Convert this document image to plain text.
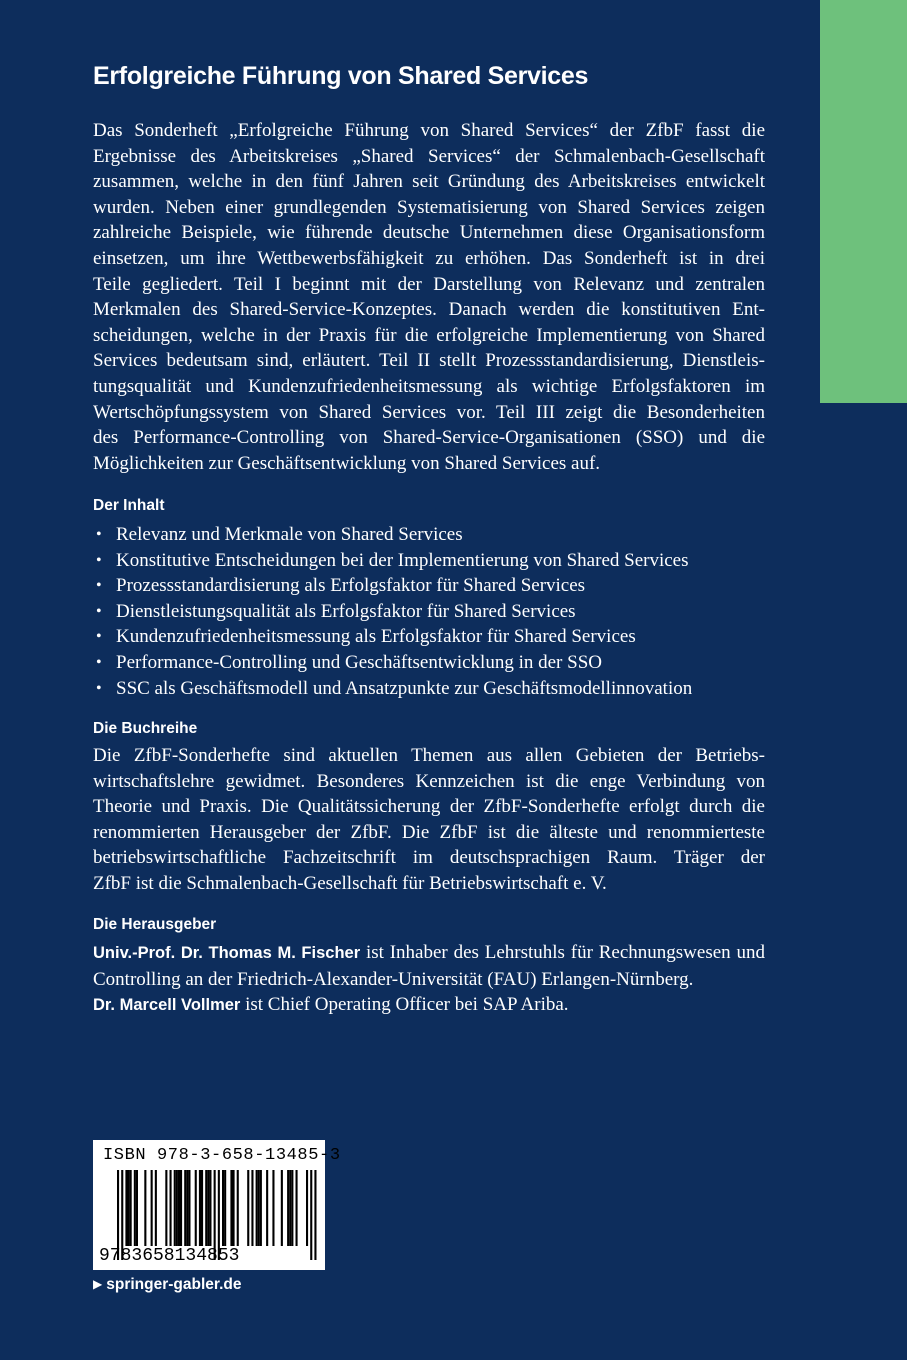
Erfolgreiche Führung von Shared Services
Das Sonderheft „Erfolgreiche Führung von Shared Services“ der ZfbF fasst die
Ergebnisse des Arbeitskreises „Shared Services“ der Schmalenbach-Gesellschaft
zusammen, welche in den fünf Jahren seit Gründung des Arbeitskreises entwickelt
wurden. Neben einer grundlegenden Systematisierung von Shared Services zeigen
zahlreiche Beispiele, wie führende deutsche Unternehmen diese Organisationsform
einsetzen, um ihre Wettbewerbsfähigkeit zu erhöhen. Das Sonderheft ist in drei
Teile gegliedert. Teil I beginnt mit der Darstellung von Relevanz und zentralen
Merkmalen des Shared-Service-Konzeptes. Danach werden die konstitutiven Ent-
scheidungen, welche in der Praxis für die erfolgreiche Implementierung von Shared
Services bedeutsam sind, erläutert. Teil II stellt Prozessstandardisierung, Dienstleis-
tungsqualität und Kundenzufriedenheitsmessung als wichtige Erfolgsfaktoren im
Wertschöpfungssystem von Shared Services vor. Teil III zeigt die Besonderheiten
des Performance-Controlling von Shared-Service-Organisationen (SSO) und die
Möglichkeiten zur Geschäftsentwicklung von Shared Services auf.
Der Inhalt
• Relevanz und Merkmale von Shared Services
• Konstitutive Entscheidungen bei der Implementierung von Shared Services
• Prozessstandardisierung als Erfolgsfaktor für Shared Services
• Dienstleistungsqualität als Erfolgsfaktor für Shared Services
• Kundenzufriedenheitsmessung als Erfolgsfaktor für Shared Services
• Performance-Controlling und Geschäftsentwicklung in der SSO
• SSC als Geschäftsmodell und Ansatzpunkte zur Geschäftsmodellinnovation
Die Buchreihe
Die ZfbF-Sonderhefte sind aktuellen Themen aus allen Gebieten der Betriebs-
wirtschaftslehre gewidmet. Besonderes Kennzeichen ist die enge Verbindung von
Theorie und Praxis. Die Qualitätssicherung der ZfbF-Sonderhefte erfolgt durch die
renommierten Herausgeber der ZfbF. Die ZfbF ist die älteste und renommierteste
betriebswirtschaftliche Fachzeitschrift im deutschsprachigen Raum. Träger der
ZfbF ist die Schmalenbach-Gesellschaft für Betriebswirtschaft e. V.
Die Herausgeber
Univ.-Prof. Dr. Thomas M. Fischer ist Inhaber des Lehrstuhls für Rechnungswesen und
Controlling an der Friedrich-Alexander-Universität (FAU) Erlangen-Nürnberg.
Dr. Marcell Vollmer ist Chief Operating Officer bei SAP Ariba.
ISBN 978-3-658-13485-3
9783658134853
▶ springer-gabler.de
